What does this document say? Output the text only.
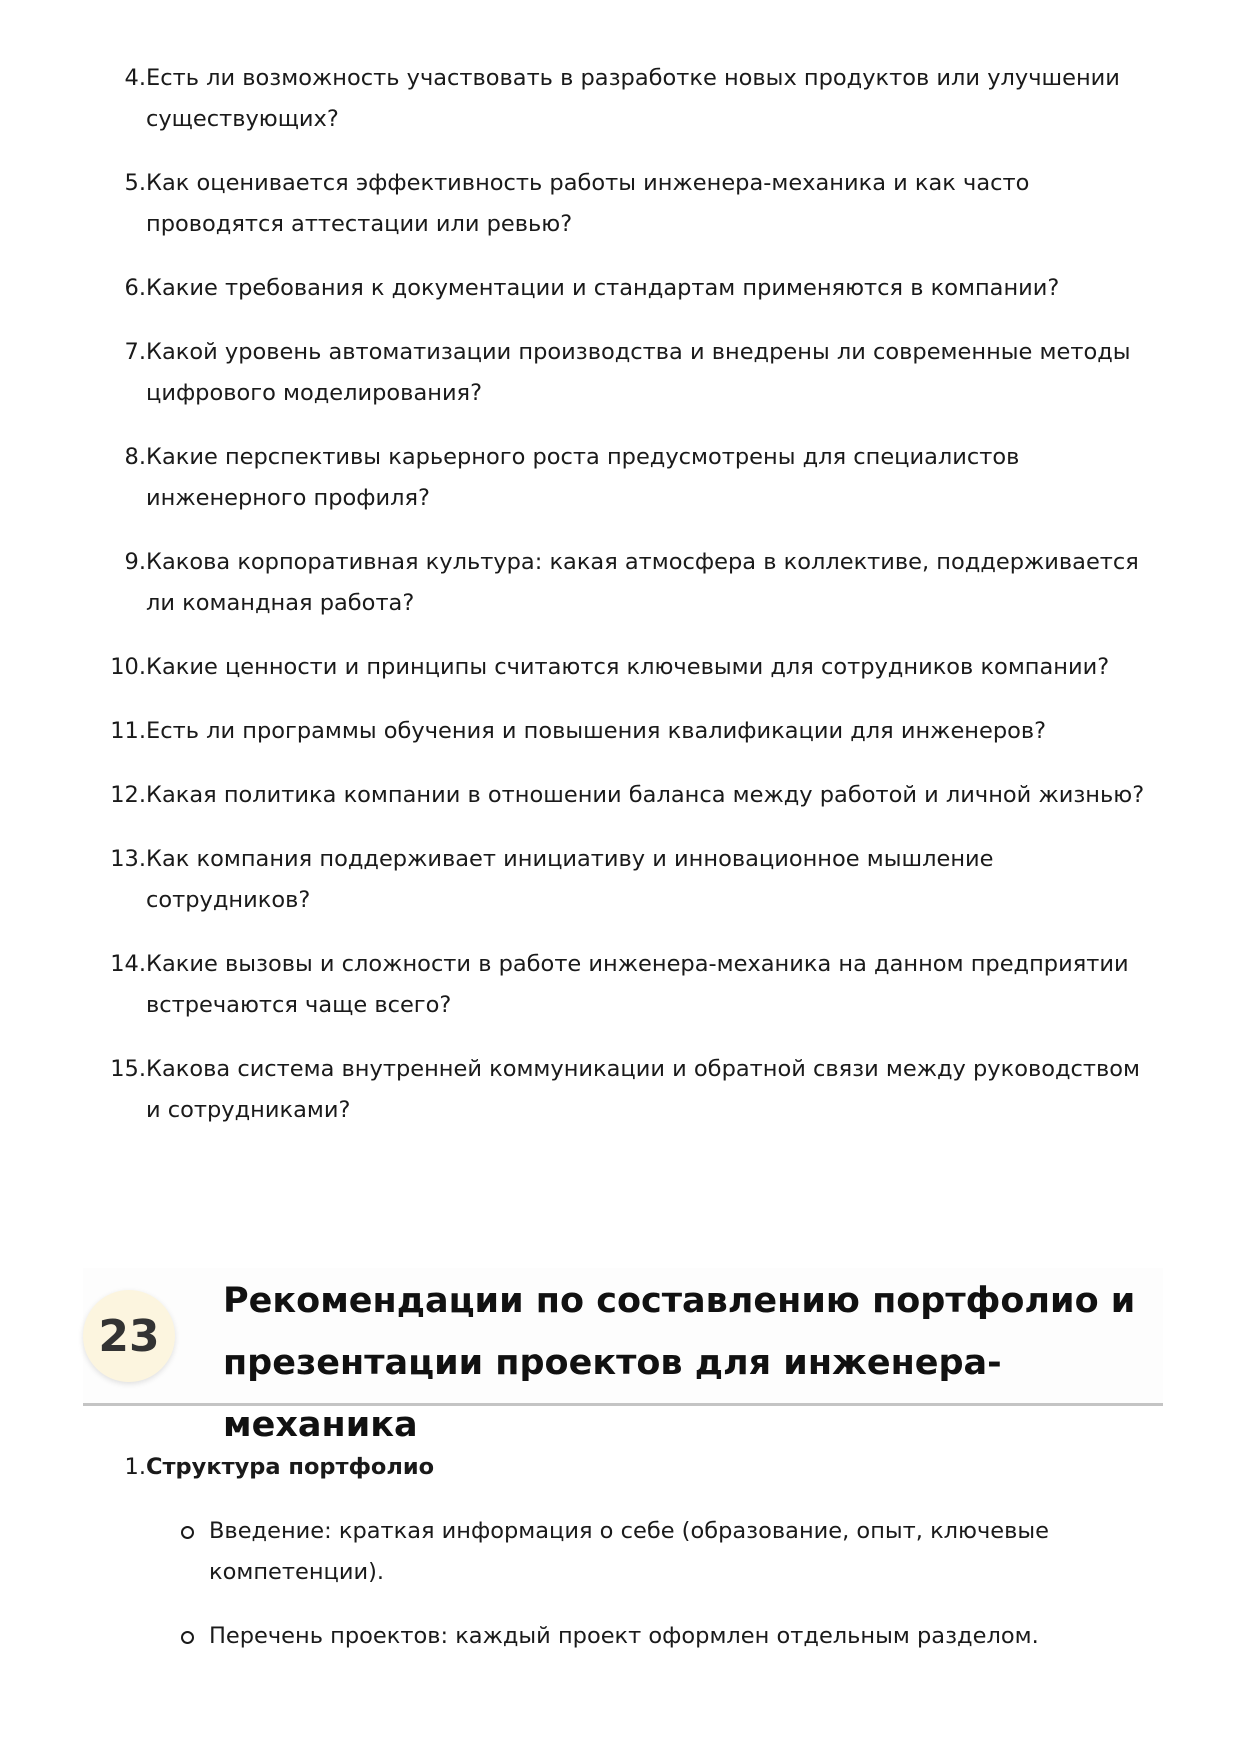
4. Есть ли возможность участвовать в разработке новых продуктов или улучшении существующих?
5. Как оценивается эффективность работы инженера-механика и как часто проводятся аттестации или ревью?
6. Какие требования к документации и стандартам применяются в компании?
7. Какой уровень автоматизации производства и внедрены ли современные методы цифрового моделирования?
8. Какие перспективы карьерного роста предусмотрены для специалистов инженерного профиля?
9. Какова корпоративная культура: какая атмосфера в коллективе, поддерживается ли командная работа?
10. Какие ценности и принципы считаются ключевыми для сотрудников компании?
11. Есть ли программы обучения и повышения квалификации для инженеров?
12. Какая политика компании в отношении баланса между работой и личной жизнью?
13. Как компания поддерживает инициативу и инновационное мышление сотрудников?
14. Какие вызовы и сложности в работе инженера-механика на данном предприятии встречаются чаще всего?
15. Какова система внутренней коммуникации и обратной связи между руководством и сотрудниками?
23
Рекомендации по составлению портфолио и презентации проектов для инженера-механика
1. Структура портфолио
Введение: краткая информация о себе (образование, опыт, ключевые компетенции).
Перечень проектов: каждый проект оформлен отдельным разделом.
